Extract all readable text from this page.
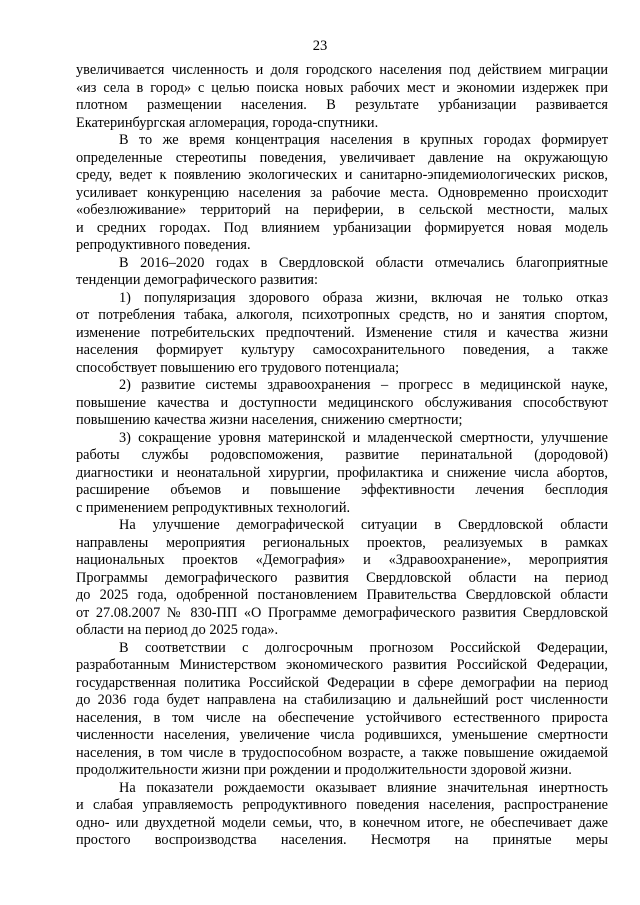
23
увеличивается численность и доля городского населения под действием миграции
«из села в город» с целью поиска новых рабочих мест и экономии издержек при
плотном размещении населения. В результате урбанизации развивается
Екатеринбургская агломерация, города-спутники.
В то же время концентрация населения в крупных городах формирует
определенные стереотипы поведения, увеличивает давление на окружающую
среду, ведет к появлению экологических и санитарно-эпидемиологических рисков,
усиливает конкуренцию населения за рабочие места. Одновременно происходит
«обезлюживание» территорий на периферии, в сельской местности, малых
и средних городах. Под влиянием урбанизации формируется новая модель
репродуктивного поведения.
В 2016–2020 годах в Свердловской области отмечались благоприятные
тенденции демографического развития:
1) популяризация здорового образа жизни, включая не только отказ
от потребления табака, алкоголя, психотропных средств, но и занятия спортом,
изменение потребительских предпочтений. Изменение стиля и качества жизни
населения формирует культуру самосохранительного поведения, а также
способствует повышению его трудового потенциала;
2) развитие системы здравоохранения – прогресс в медицинской науке,
повышение качества и доступности медицинского обслуживания способствуют
повышению качества жизни населения, снижению смертности;
3) сокращение уровня материнской и младенческой смертности, улучшение
работы службы родовспоможения, развитие перинатальной (дородовой)
диагностики и неонатальной хирургии, профилактика и снижение числа абортов,
расширение объемов и повышение эффективности лечения бесплодия
с применением репродуктивных технологий.
На улучшение демографической ситуации в Свердловской области
направлены мероприятия региональных проектов, реализуемых в рамках
национальных проектов «Демография» и «Здравоохранение», мероприятия
Программы демографического развития Свердловской области на период
до 2025 года, одобренной постановлением Правительства Свердловской области
от 27.08.2007 № 830-ПП «О Программе демографического развития Свердловской
области на период до 2025 года».
В соответствии с долгосрочным прогнозом Российской Федерации,
разработанным Министерством экономического развития Российской Федерации,
государственная политика Российской Федерации в сфере демографии на период
до 2036 года будет направлена на стабилизацию и дальнейший рост численности
населения, в том числе на обеспечение устойчивого естественного прироста
численности населения, увеличение числа родившихся, уменьшение смертности
населения, в том числе в трудоспособном возрасте, а также повышение ожидаемой
продолжительности жизни при рождении и продолжительности здоровой жизни.
На показатели рождаемости оказывает влияние значительная инертность
и слабая управляемость репродуктивного поведения населения, распространение
одно- или двухдетной модели семьи, что, в конечном итоге, не обеспечивает даже
простого воспроизводства населения. Несмотря на принятые меры
